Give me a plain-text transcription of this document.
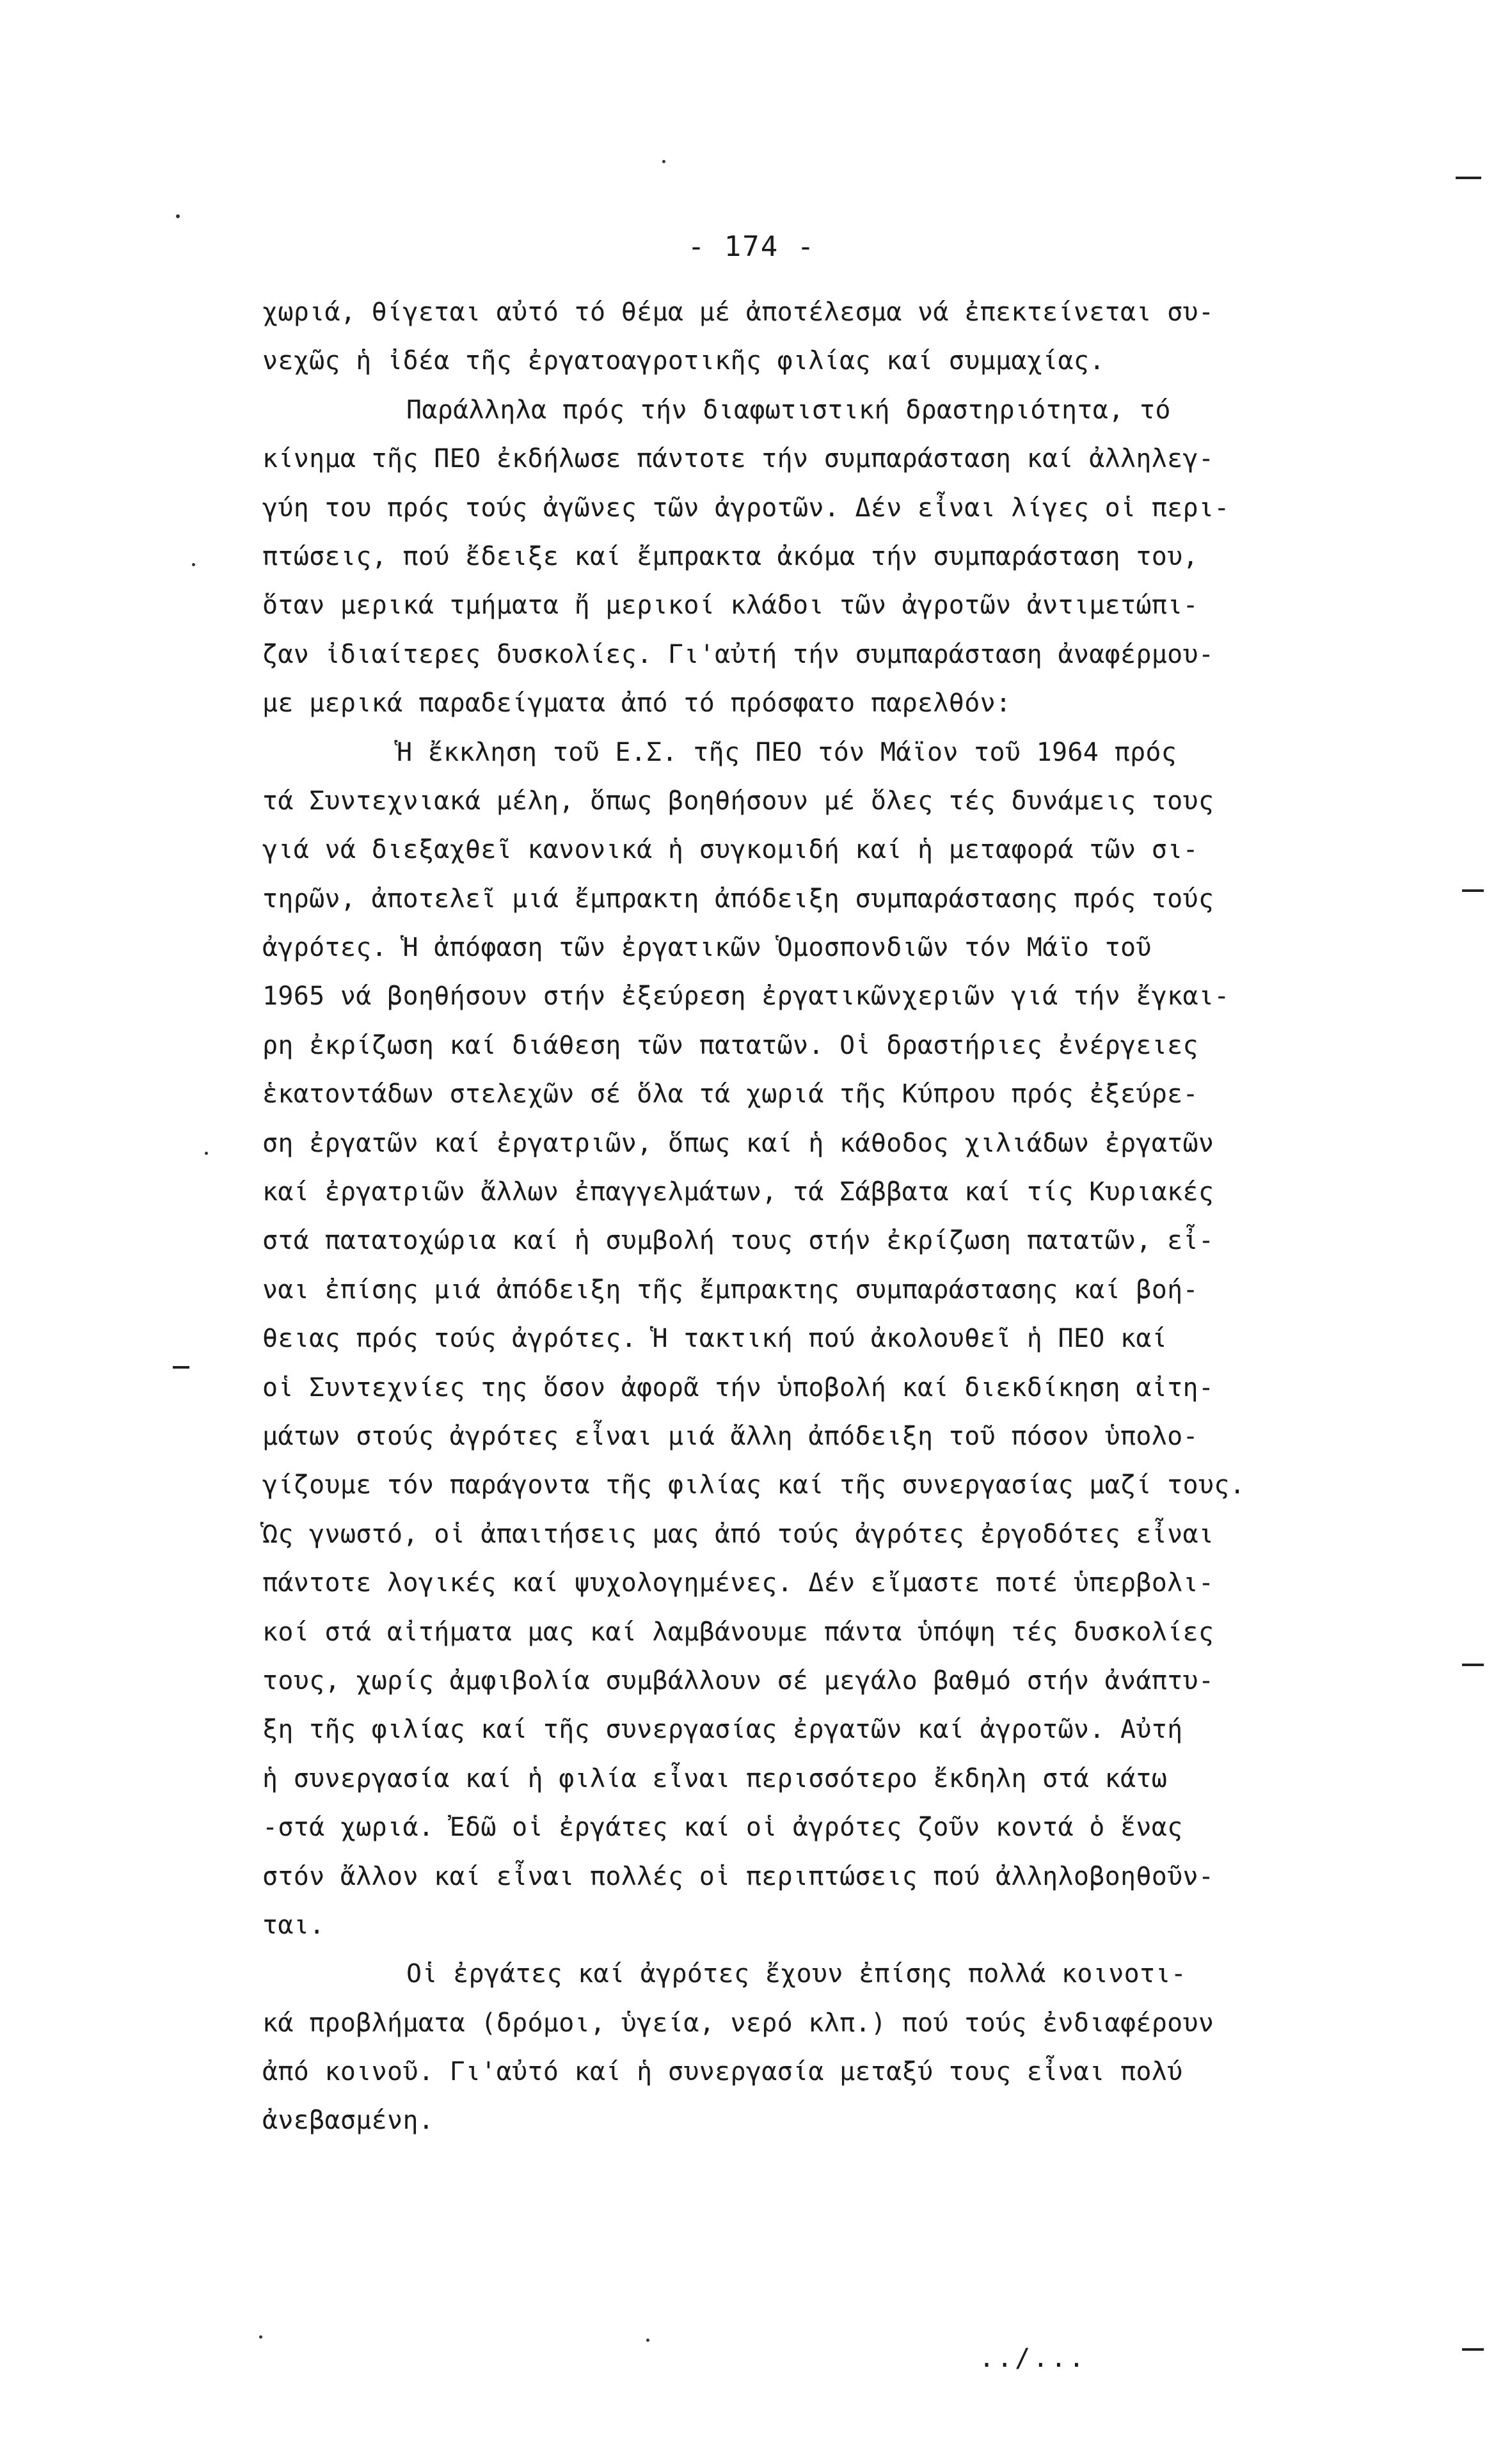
- 174 -
χωριά, θίγεται αὐτό τό θέμα μέ ἀποτέλεσμα νά ἐπεκτείνεται συ-
νεχῶς ἡ ἰδέα τῆς ἐργατοαγροτικῆς φιλίας καί συμμαχίας.
Παράλληλα πρός τήν διαφωτιστική δραστηριότητα, τό
κίνημα τῆς ΠΕΟ ἐκδήλωσε πάντοτε τήν συμπαράσταση καί ἀλληλεγ-
γύη του πρός τούς ἀγῶνες τῶν ἀγροτῶν. Δέν εἶναι λίγες οἱ περι-
πτώσεις, πού ἔδειξε καί ἔμπρακτα ἀκόμα τήν συμπαράσταση του,
ὅταν μερικά τμήματα ἤ μερικοί κλάδοι τῶν ἀγροτῶν ἀντιμετώπι-
ζαν ἰδιαίτερες δυσκολίες. Γι'αὐτή τήν συμπαράσταση ἀναφέρμου-
με μερικά παραδείγματα ἀπό τό πρόσφατο παρελθόν:
Ἡ ἔκκληση τοῦ Ε.Σ. τῆς ΠΕΟ τόν Μάϊον τοῦ 1964 πρός
τά Συντεχνιακά μέλη, ὅπως βοηθήσουν μέ ὅλες τές δυνάμεις τους
γιά νά διεξαχθεῖ κανονικά ἡ συγκομιδή καί ἡ μεταφορά τῶν σι-
τηρῶν, ἀποτελεῖ μιά ἔμπρακτη ἀπόδειξη συμπαράστασης πρός τούς
ἀγρότες. Ἡ ἀπόφαση τῶν ἐργατικῶν Ὁμοσπονδιῶν τόν Μάϊο τοῦ
1965 νά βοηθήσουν στήν ἐξεύρεση ἐργατικῶνχεριῶν γιά τήν ἔγκαι-
ρη ἐκρίζωση καί διάθεση τῶν πατατῶν. Οἱ δραστήριες ἐνέργειες
ἑκατοντάδων στελεχῶν σέ ὅλα τά χωριά τῆς Κύπρου πρός ἐξεύρε-
ση ἐργατῶν καί ἐργατριῶν, ὅπως καί ἡ κάθοδος χιλιάδων ἐργατῶν
καί ἐργατριῶν ἄλλων ἐπαγγελμάτων, τά Σάββατα καί τίς Κυριακές
στά πατατοχώρια καί ἡ συμβολή τους στήν ἐκρίζωση πατατῶν, εἶ-
ναι ἐπίσης μιά ἀπόδειξη τῆς ἔμπρακτης συμπαράστασης καί βοή-
θειας πρός τούς ἀγρότες. Ἡ τακτική πού ἀκολουθεῖ ἡ ΠΕΟ καί
οἱ Συντεχνίες της ὅσον ἀφορᾶ τήν ὑποβολή καί διεκδίκηση αἰτη-
μάτων στούς ἀγρότες εἶναι μιά ἄλλη ἀπόδειξη τοῦ πόσον ὑπολο-
γίζουμε τόν παράγοντα τῆς φιλίας καί τῆς συνεργασίας μαζί τους.
Ὡς γνωστό, οἱ ἀπαιτήσεις μας ἀπό τούς ἀγρότες ἐργοδότες εἶναι
πάντοτε λογικές καί ψυχολογημένες. Δέν εἴμαστε ποτέ ὑπερβολι-
κοί στά αἰτήματα μας καί λαμβάνουμε πάντα ὑπόψη τές δυσκολίες
τους, χωρίς ἀμφιβολία συμβάλλουν σέ μεγάλο βαθμό στήν ἀνάπτυ-
ξη τῆς φιλίας καί τῆς συνεργασίας ἐργατῶν καί ἀγροτῶν. Αὐτή
ἡ συνεργασία καί ἡ φιλία εἶναι περισσότερο ἔκδηλη στά κάτω
-στά χωριά. Ἐδῶ οἱ ἐργάτες καί οἱ ἀγρότες ζοῦν κοντά ὁ ἕνας
στόν ἄλλον καί εἶναι πολλές οἱ περιπτώσεις πού ἀλληλοβοηθοῦν-
ται.
Οἱ ἐργάτες καί ἀγρότες ἔχουν ἐπίσης πολλά κοινοτι-
κά προβλήματα (δρόμοι, ὑγεία, νερό κλπ.) πού τούς ἐνδιαφέρουν
ἀπό κοινοῦ. Γι'αὐτό καί ἡ συνεργασία μεταξύ τους εἶναι πολύ
ἀνεβασμένη.
../...
